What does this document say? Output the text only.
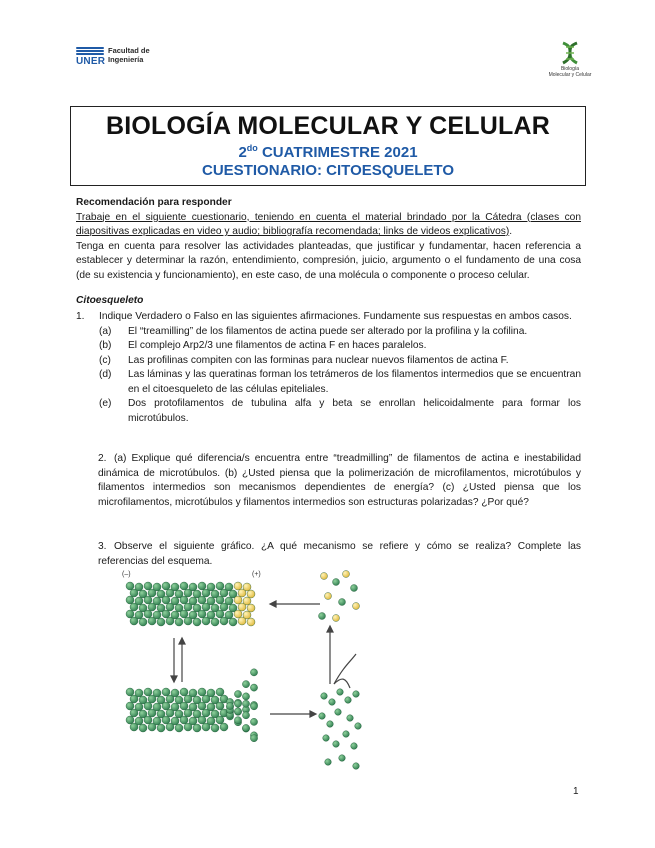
UNER
Facultad de
Ingeniería
Biología
Molecular y Celular
BIOLOGÍA MOLECULAR Y CELULAR
$2^{do}$ CUATRIMESTRE 2021
CUESTIONARIO: CITOESQUELETO
Recomendación para responder
Trabaje en el siguiente cuestionario, teniendo en cuenta el material brindado por la Cátedra (clases con diapositivas explicadas en video y audio; bibliografía recomendada; links de videos explicativos).
Tenga en cuenta para resolver las actividades planteadas, que justificar y fundamentar, hacen referencia a establecer y determinar la razón, entendimiento, compresión, juicio, argumento o el fundamento de una cosa (de su existencia y funcionamiento), en este caso, de una molécula o componente o proceso celular.
Citoesqueleto
1. Indique Verdadero o Falso en las siguientes afirmaciones. Fundamente sus respuestas en ambos casos.
(a)	El “treamilling” de los filamentos de actina puede ser alterado por la profilina y la cofilina.
(b)	El complejo Arp2/3 une filamentos de actina F en haces paralelos.
(c)	Las profilinas compiten con las forminas para nuclear nuevos filamentos de actina F.
(d)	Las láminas y las queratinas forman los tetrámeros de los filamentos intermedios que se encuentran en el citoesqueleto de las células epiteliales.
(e)	Dos protofilamentos de tubulina alfa y beta se enrollan helicoidalmente para formar los microtúbulos.
2. (a) Explique qué diferencia/s encuentra entre “treadmilling” de filamentos de actina e inestabilidad dinámica de microtúbulos. (b) ¿Usted piensa que la polimerización de microfilamentos, microtúbulos y filamentos intermedios son mecanismos dependientes de energía? (c) ¿Usted piensa que los microfilamentos, microtúbulos y filamentos intermedios son estructuras polarizadas? ¿Por qué?
3. Observe el siguiente gráfico. ¿A qué mecanismo se refiere y cómo se realiza? Complete las referencias del esquema.
(–)	(+)
1
